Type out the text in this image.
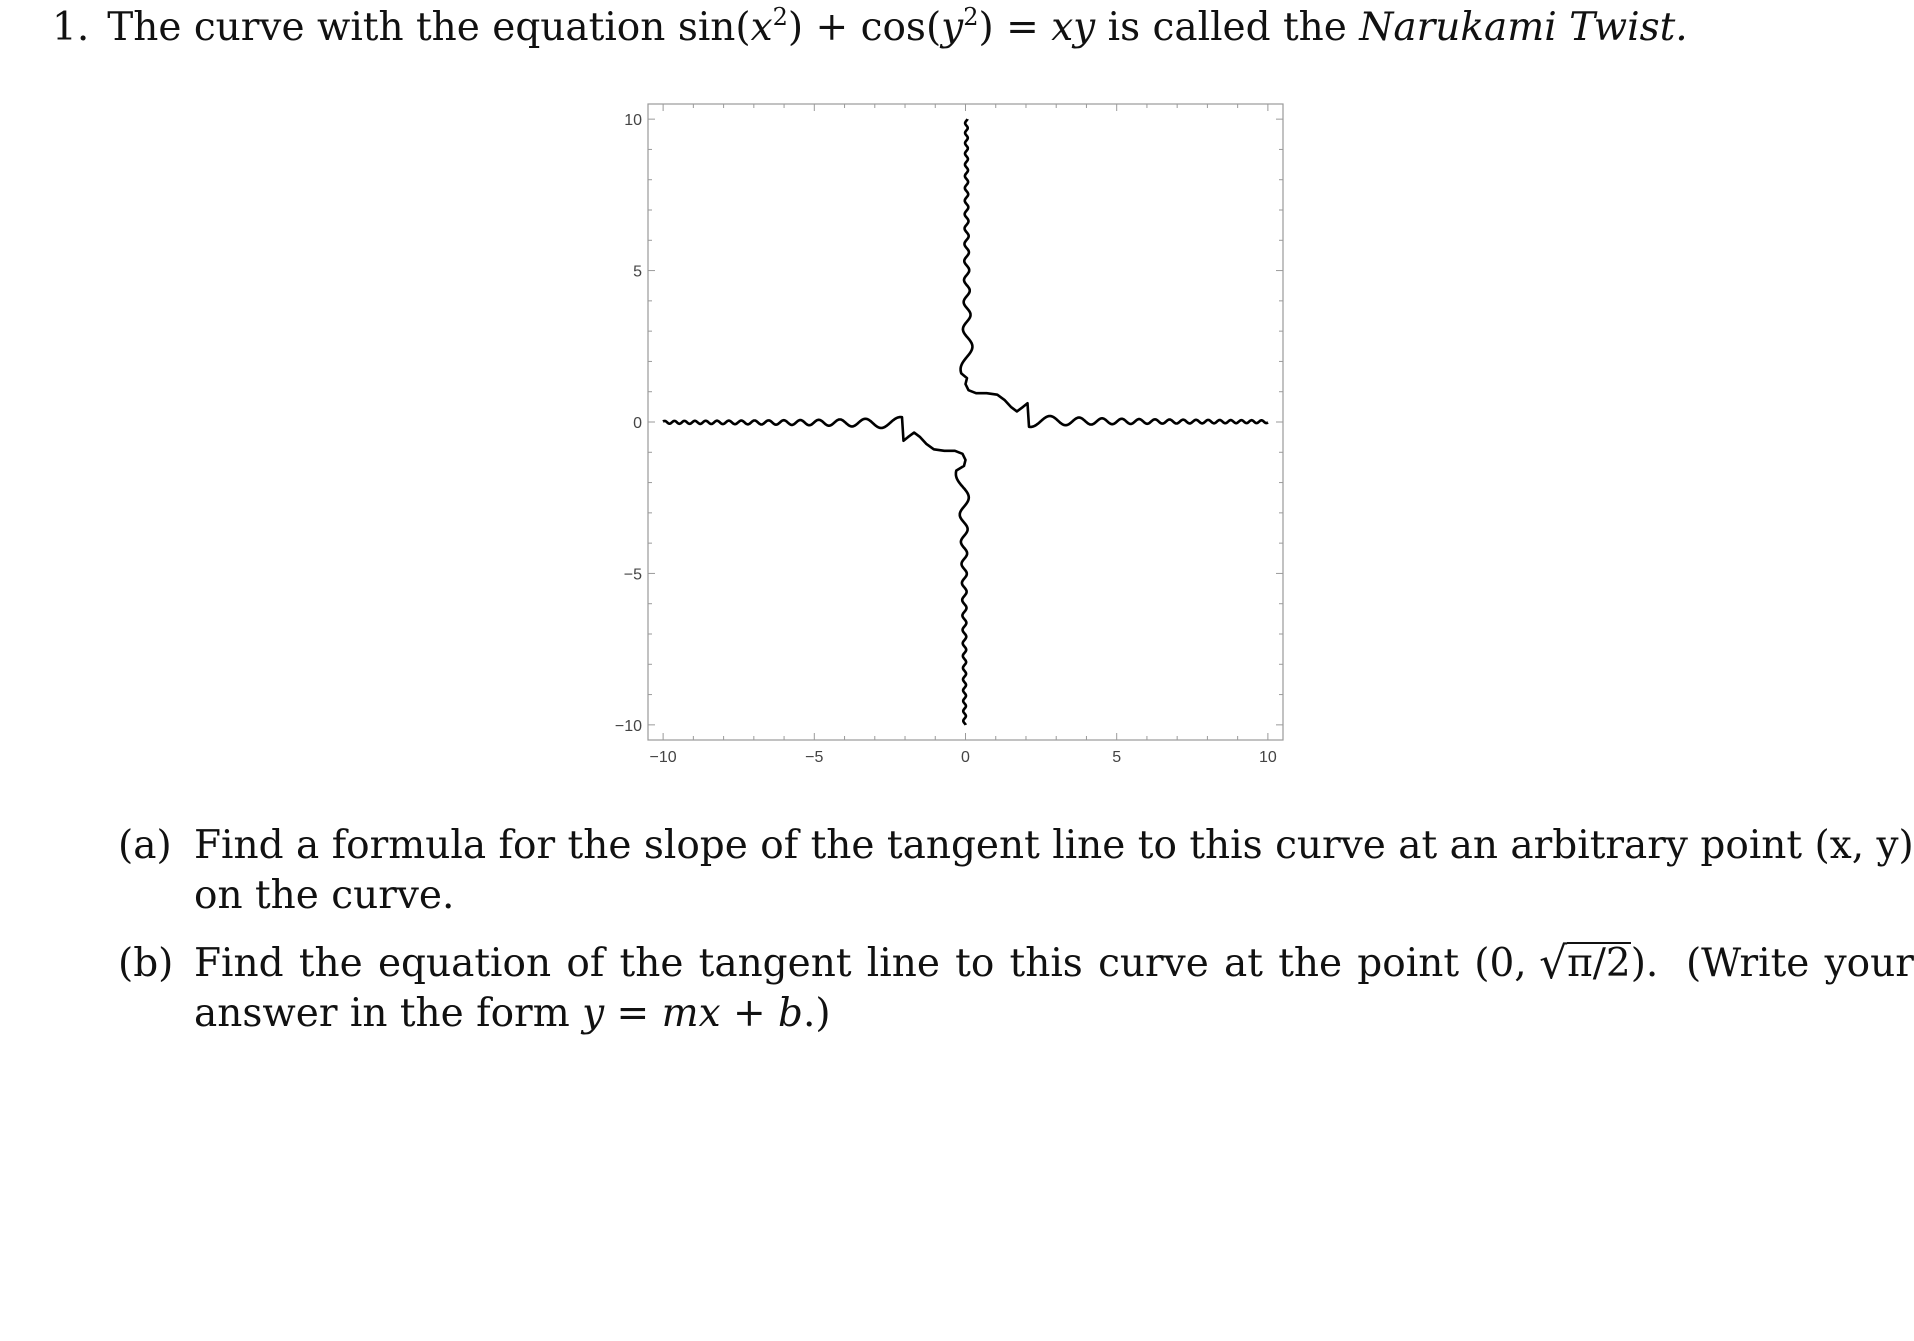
1. The curve with the equation $\sin(x^2) + \cos(y^2)$ = xy is called the Narukami Twist.
−10
10
−5
5
0
0
5
−5
10
−10
(a) Find a formula for the slope of the tangent line to this curve at an arbitrary point (x, y)
on the curve.
(b) Find the equation of the tangent line to this curve at the point (0, √π/2). (Write your
answer in the form y = mx + b.)
